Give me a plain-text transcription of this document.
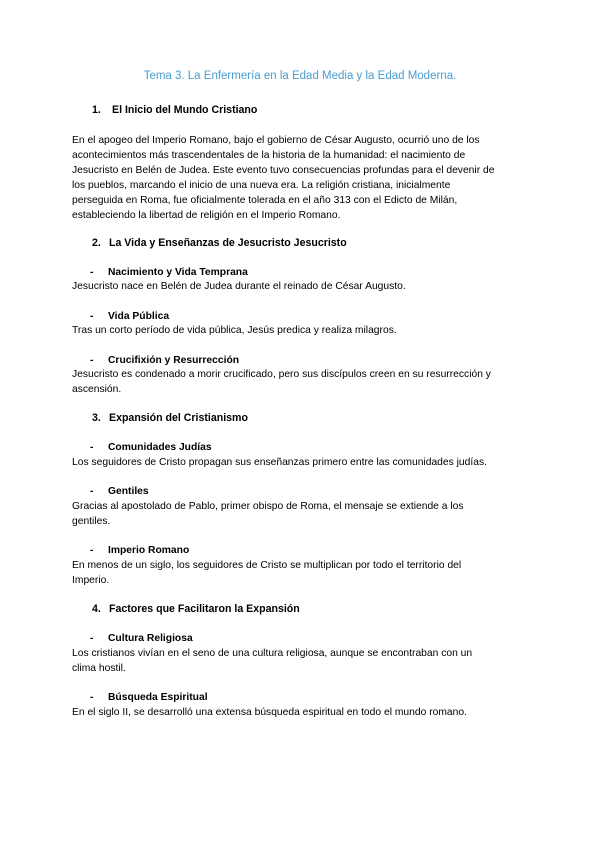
Tema 3. La Enfermería en la Edad Media y la Edad Moderna.
1. El Inicio del Mundo Cristiano
En el apogeo del Imperio Romano, bajo el gobierno de César Augusto, ocurrió uno de los
acontecimientos más trascendentales de la historia de la humanidad: el nacimiento de
Jesucristo en Belén de Judea. Este evento tuvo consecuencias profundas para el devenir de
los pueblos, marcando el inicio de una nueva era. La religión cristiana, inicialmente
perseguida en Roma, fue oficialmente tolerada en el año 313 con el Edicto de Milán,
estableciendo la libertad de religión en el Imperio Romano.
2. La Vida y Enseñanzas de Jesucristo Jesucristo
- Nacimiento y Vida Temprana
Jesucristo nace en Belén de Judea durante el reinado de César Augusto.
- Vida Pública
Tras un corto período de vida pública, Jesús predica y realiza milagros.
- Crucifixión y Resurrección
Jesucristo es condenado a morir crucificado, pero sus discípulos creen en su resurrección y
ascensión.
3. Expansión del Cristianismo
- Comunidades Judías
Los seguidores de Cristo propagan sus enseñanzas primero entre las comunidades judías.
- Gentiles
Gracias al apostolado de Pablo, primer obispo de Roma, el mensaje se extiende a los
gentiles.
- Imperio Romano
En menos de un siglo, los seguidores de Cristo se multiplican por todo el territorio del
Imperio.
4. Factores que Facilitaron la Expansión
- Cultura Religiosa
Los cristianos vivían en el seno de una cultura religiosa, aunque se encontraban con un
clima hostil.
- Búsqueda Espiritual
En el siglo II, se desarrolló una extensa búsqueda espiritual en todo el mundo romano.
